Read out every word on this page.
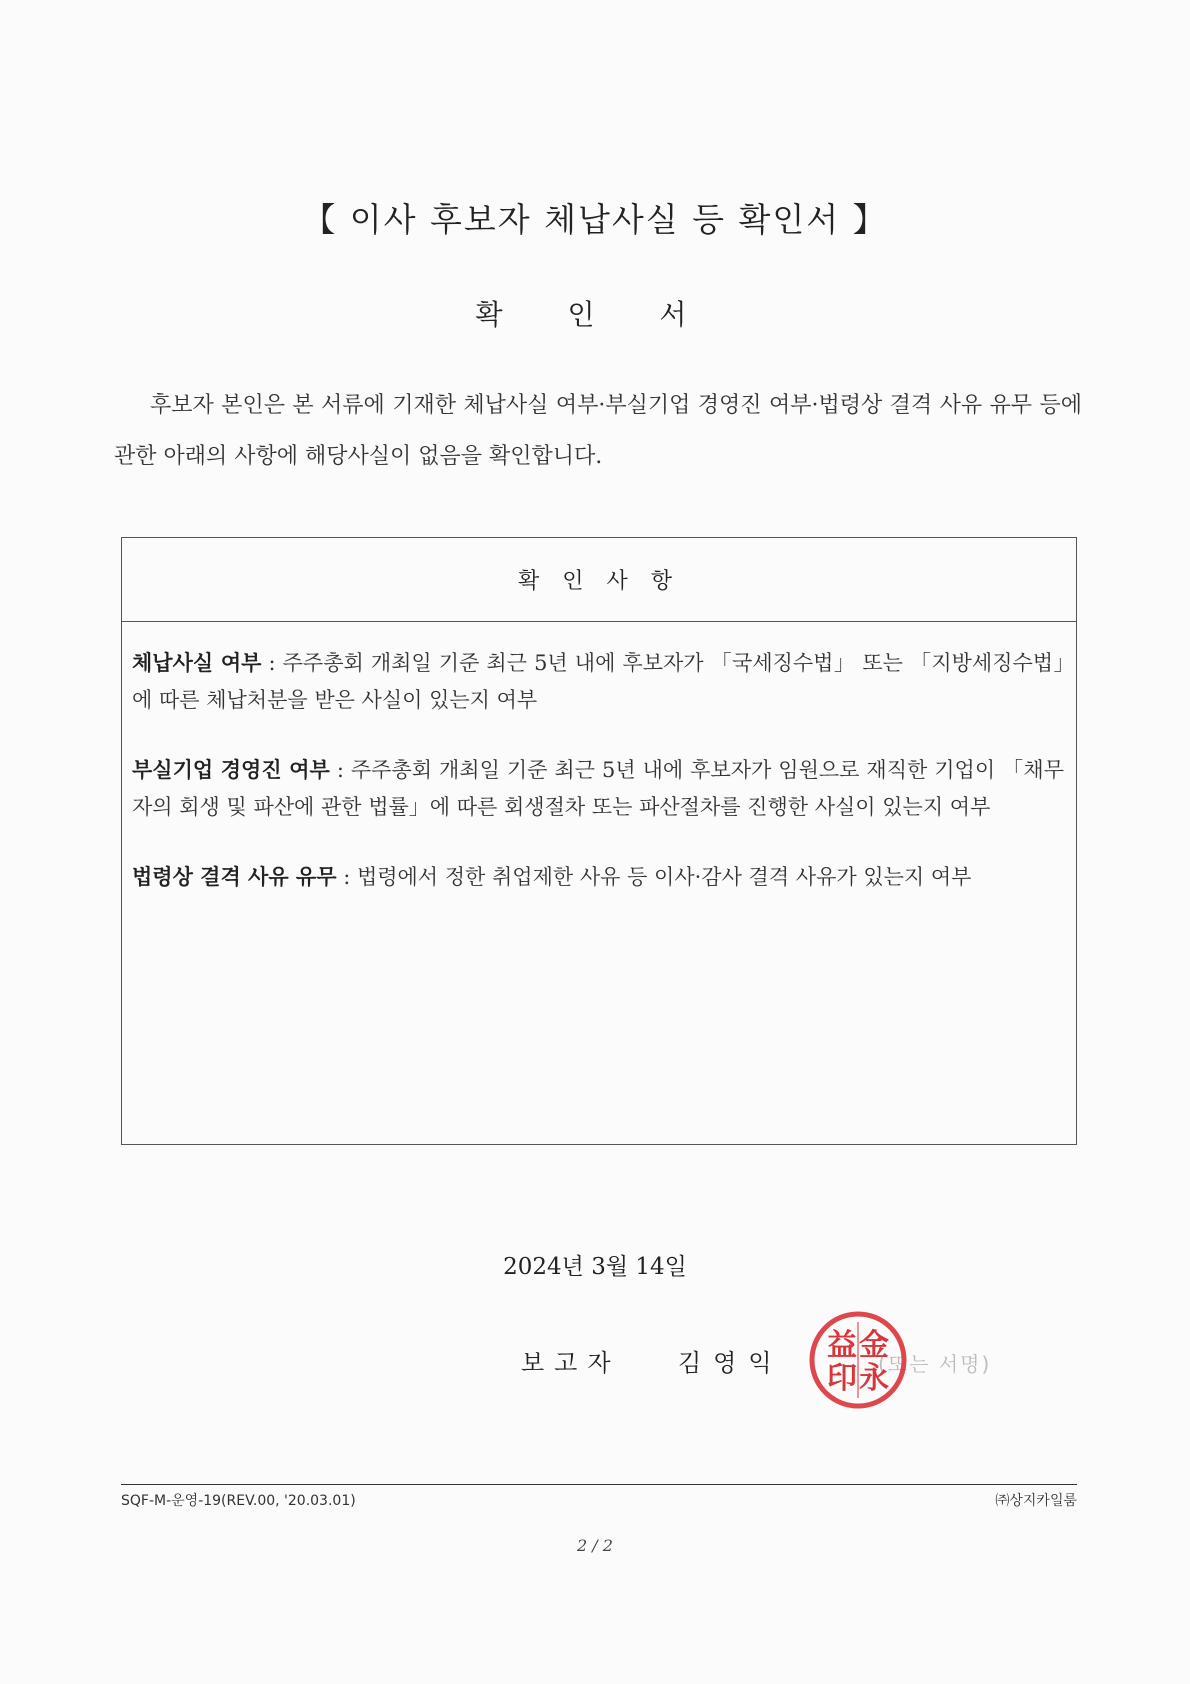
【 이사 후보자 체납사실 등 확인서 】
확 인 서
후보자 본인은 본 서류에 기재한 체납사실 여부·부실기업 경영진 여부·법령상 결격 사유 유무 등에 관한 아래의 사항에 해당사실이 없음을 확인합니다.
확 인 사 항

체납사실 여부 : 주주총회 개최일 기준 최근 5년 내에 후보자가 「국세징수법」 또는 「지방세징수법」에 따른 체납처분을 받은 사실이 있는지 여부

부실기업 경영진 여부 : 주주총회 개최일 기준 최근 5년 내에 후보자가 임원으로 재직한 기업이 「채무자의 회생 및 파산에 관한 법률」에 따른 회생절차 또는 파산절차를 진행한 사실이 있는지 여부

법령상 결격 사유 유무 : 법령에서 정한 취업제한 사유 등 이사·감사 결격 사유가 있는지 여부

2024년 3월 14일
보고자 김영익	(또는 서명)
金
益
永
印
SQF-M-운영-19(REV.00, '20.03.01)	㈜상지카일룸
2 / 2
